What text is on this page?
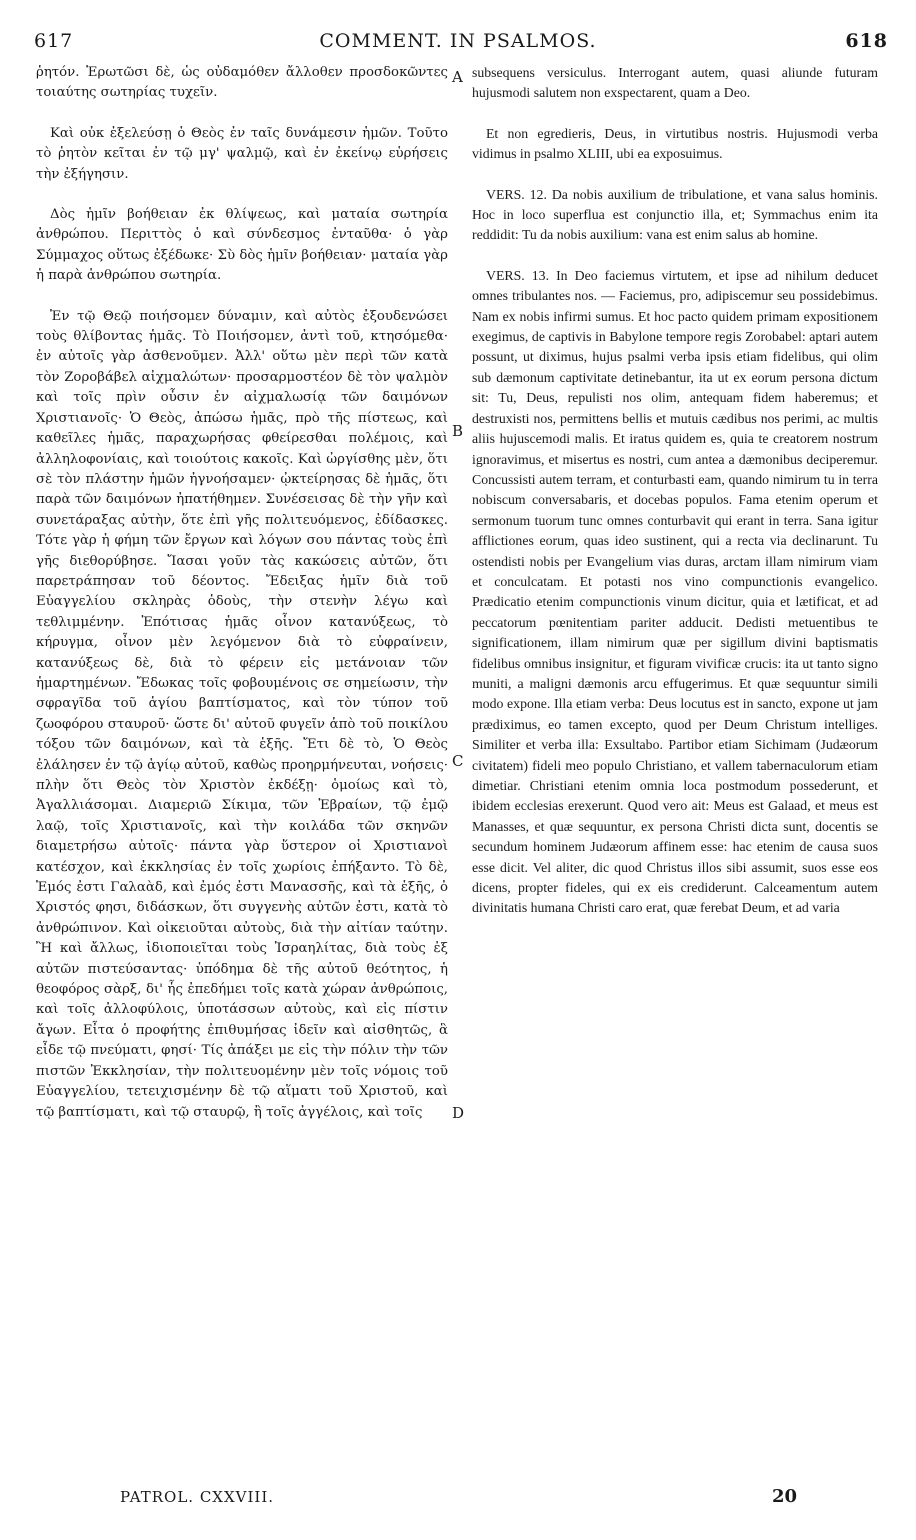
617	COMMENT. IN PSALMOS.	618

ῥητόν. Ἐρωτῶσι δὲ, ὡς οὐδαμόθεν ἄλλοθεν προσδοκῶντες τοιαύτης σωτηρίας τυχεῖν.

Καὶ οὐκ ἐξελεύσῃ ὁ Θεὸς ἐν ταῖς δυνάμεσιν ἡμῶν. Τοῦτο τὸ ῥητὸν κεῖται ἐν τῷ μγ' ψαλμῷ, καὶ ἐν ἐκείνῳ εὑρήσεις τὴν ἐξήγησιν.

Δὸς ἡμῖν βοήθειαν ἐκ θλίψεως, καὶ ματαία σωτηρία ἀνθρώπου. Περιττὸς ὁ καὶ σύνδεσμος ἐνταῦθα· ὁ γὰρ Σύμμαχος οὕτως ἐξέδωκε· Σὺ δὸς ἡμῖν βοήθειαν· ματαία γὰρ ἡ παρὰ ἀνθρώπου σωτηρία.

Ἐν τῷ Θεῷ ποιήσομεν δύναμιν, καὶ αὐτὸς ἐξουδενώσει τοὺς θλίβοντας ἡμᾶς. Τὸ Ποιήσομεν, ἀντὶ τοῦ, κτησόμεθα· ἐν αὐτοῖς γὰρ ἀσθενοῦμεν. Ἀλλ' οὕτω μὲν περὶ τῶν κατὰ τὸν Ζοροβάβελ αἰχμαλώτων· προσαρμοστέον δὲ τὸν ψαλμὸν καὶ τοῖς πρὶν οὖσιν ἐν αἰχμαλωσίᾳ τῶν δαιμόνων Χριστιανοῖς· Ὁ Θεὸς, ἀπώσω ἡμᾶς, πρὸ τῆς πίστεως, καὶ καθεῖλες ἡμᾶς, παραχωρήσας φθείρεσθαι πολέμοις, καὶ ἀλληλοφονίαις, καὶ τοιούτοις κακοῖς. Καὶ ὠργίσθης μὲν, ὅτι σὲ τὸν πλάστην ἡμῶν ἠγνοήσαμεν· ᾠκτείρησας δὲ ἡμᾶς, ὅτι παρὰ τῶν δαιμόνων ἠπατήθημεν. Συνέσεισας δὲ τὴν γῆν καὶ συνετάραξας αὐτὴν, ὅτε ἐπὶ γῆς πολιτευόμενος, ἐδίδασκες. Τότε γὰρ ἡ φήμη τῶν ἔργων καὶ λόγων σου πάντας τοὺς ἐπὶ γῆς διεθορύβησε. Ἴασαι γοῦν τὰς κακώσεις αὐτῶν, ὅτι παρετράπησαν τοῦ δέοντος. Ἔδειξας ἡμῖν διὰ τοῦ Εὐαγγελίου σκληρὰς ὁδοὺς, τὴν στενὴν λέγω καὶ τεθλιμμένην. Ἐπότισας ἡμᾶς οἶνον κατανύξεως, τὸ κήρυγμα, οἶνον μὲν λεγόμενον διὰ τὸ εὐφραίνειν, κατανύξεως δὲ, διὰ τὸ φέρειν εἰς μετάνοιαν τῶν ἡμαρτημένων. Ἔδωκας τοῖς φοβουμένοις σε σημείωσιν, τὴν σφραγῖδα τοῦ ἁγίου βαπτίσματος, καὶ τὸν τύπον τοῦ ζωοφόρου σταυροῦ· ὥστε δι' αὐτοῦ φυγεῖν ἀπὸ τοῦ ποικίλου τόξου τῶν δαιμόνων, καὶ τὰ ἑξῆς. Ἔτι δὲ τὸ, Ὁ Θεὸς ἐλάλησεν ἐν τῷ ἁγίῳ αὐτοῦ, καθὼς προηρμήνευται, νοήσεις· πλὴν ὅτι Θεὸς τὸν Χριστὸν ἐκδέξῃ· ὁμοίως καὶ τὸ, Ἀγαλλιάσομαι. Διαμεριῶ Σίκιμα, τῶν Ἑβραίων, τῷ ἐμῷ λαῷ, τοῖς Χριστιανοῖς, καὶ τὴν κοιλάδα τῶν σκηνῶν διαμετρήσω αὐτοῖς· πάντα γὰρ ὕστερον οἱ Χριστιανοὶ κατέσχον, καὶ ἐκκλησίας ἐν τοῖς χωρίοις ἐπήξαντο. Τὸ δὲ, Ἐμός ἐστι Γαλαὰδ, καὶ ἐμός ἐστι Μανασσῆς, καὶ τὰ ἑξῆς, ὁ Χριστός φησι, διδάσκων, ὅτι συγγενὴς αὐτῶν ἐστι, κατὰ τὸ ἀνθρώπινον. Καὶ οἰκειοῦται αὐτοὺς, διὰ τὴν αἰτίαν ταύτην. Ἢ καὶ ἄλλως, ἰδιοποιεῖται τοὺς Ἰσραηλίτας, διὰ τοὺς ἐξ αὐτῶν πιστεύσαντας· ὑπόδημα δὲ τῆς αὐτοῦ θεότητος, ἡ θεοφόρος σὰρξ, δι' ἧς ἐπεδήμει τοῖς κατὰ χώραν ἀνθρώποις, καὶ τοῖς ἀλλοφύλοις, ὑποτάσσων αὐτοὺς, καὶ εἰς πίστιν ἄγων. Εἶτα ὁ προφήτης ἐπιθυμήσας ἰδεῖν καὶ αἰσθητῶς, ἃ εἶδε τῷ πνεύματι, φησί· Τίς ἀπάξει με εἰς τὴν πόλιν τὴν τῶν πιστῶν Ἐκκλησίαν, τὴν πολιτευομένην μὲν τοῖς νόμοις τοῦ Εὐαγγελίου, τετειχισμένην δὲ τῷ αἵματι τοῦ Χριστοῦ, καὶ τῷ βαπτίσματι, καὶ τῷ σταυρῷ, ἢ τοῖς ἀγγέλοις, καὶ τοῖς

A
B
C
D

subsequens versiculus. Interrogant autem, quasi aliunde futuram hujusmodi salutem non exspectarent, quam a Deo.

Et non egredieris, Deus, in virtutibus nostris. Hujusmodi verba vidimus in psalmo XLIII, ubi ea exposuimus.

VERS. 12. Da nobis auxilium de tribulatione, et vana salus hominis. Hoc in loco superflua est conjunctio illa, et; Symmachus enim ita reddidit: Tu da nobis auxilium: vana est enim salus ab homine.

VERS. 13. In Deo faciemus virtutem, et ipse ad nihilum deducet omnes tribulantes nos. — Faciemus, pro, adipiscemur seu possidebimus. Nam ex nobis infirmi sumus. Et hoc pacto quidem primam expositionem exegimus, de captivis in Babylone tempore regis Zorobabel: aptari autem possunt, ut diximus, hujus psalmi verba ipsis etiam fidelibus, qui olim sub dæmonum captivitate detinebantur, ita ut ex eorum persona dictum sit: Tu, Deus, repulisti nos olim, antequam fidem haberemus; et destruxisti nos, permittens bellis et mutuis cædibus nos perimi, ac multis aliis hujuscemodi malis. Et iratus quidem es, quia te creatorem nostrum ignoravimus, et misertus es nostri, cum antea a dæmonibus deciperemur. Concussisti autem terram, et conturbasti eam, quando nimirum tu in terra nobiscum conversabaris, et docebas populos. Fama etenim operum et sermonum tuorum tunc omnes conturbavit qui erant in terra. Sana igitur afflictiones eorum, quas ideo sustinent, qui a recta via declinarunt. Tu ostendisti nobis per Evangelium vias duras, arctam illam nimirum viam et conculcatam. Et potasti nos vino compunctionis evangelico. Prædicatio etenim compunctionis vinum dicitur, quia et lætificat, et ad peccatorum pœnitentiam pariter adducit. Dedisti metuentibus te significationem, illam nimirum quæ per sigillum divini baptismatis fidelibus omnibus insignitur, et figuram vivificæ crucis: ita ut tanto signo muniti, a maligni dæmonis arcu effugerimus. Et quæ sequuntur simili modo expone. Illa etiam verba: Deus locutus est in sancto, expone ut jam prædiximus, eo tamen excepto, quod per Deum Christum intelliges. Similiter et verba illa: Exsultabo. Partibor etiam Sichimam (Judæorum civitatem) fideli meo populo Christiano, et vallem tabernaculorum etiam dimetiar. Christiani etenim omnia loca postmodum possederunt, et ibidem ecclesias erexerunt. Quod vero ait: Meus est Galaad, et meus est Manasses, et quæ sequuntur, ex persona Christi dicta sunt, docentis se secundum hominem Judæorum affinem esse: hac etenim de causa suos esse dicit. Vel aliter, dic quod Christus illos sibi assumit, suos esse eos dicens, propter fideles, qui ex eis crediderunt. Calceamentum autem divinitatis humana Christi caro erat, quæ ferebat Deum, et ad varia

PATROL. CXXVIII.	20
